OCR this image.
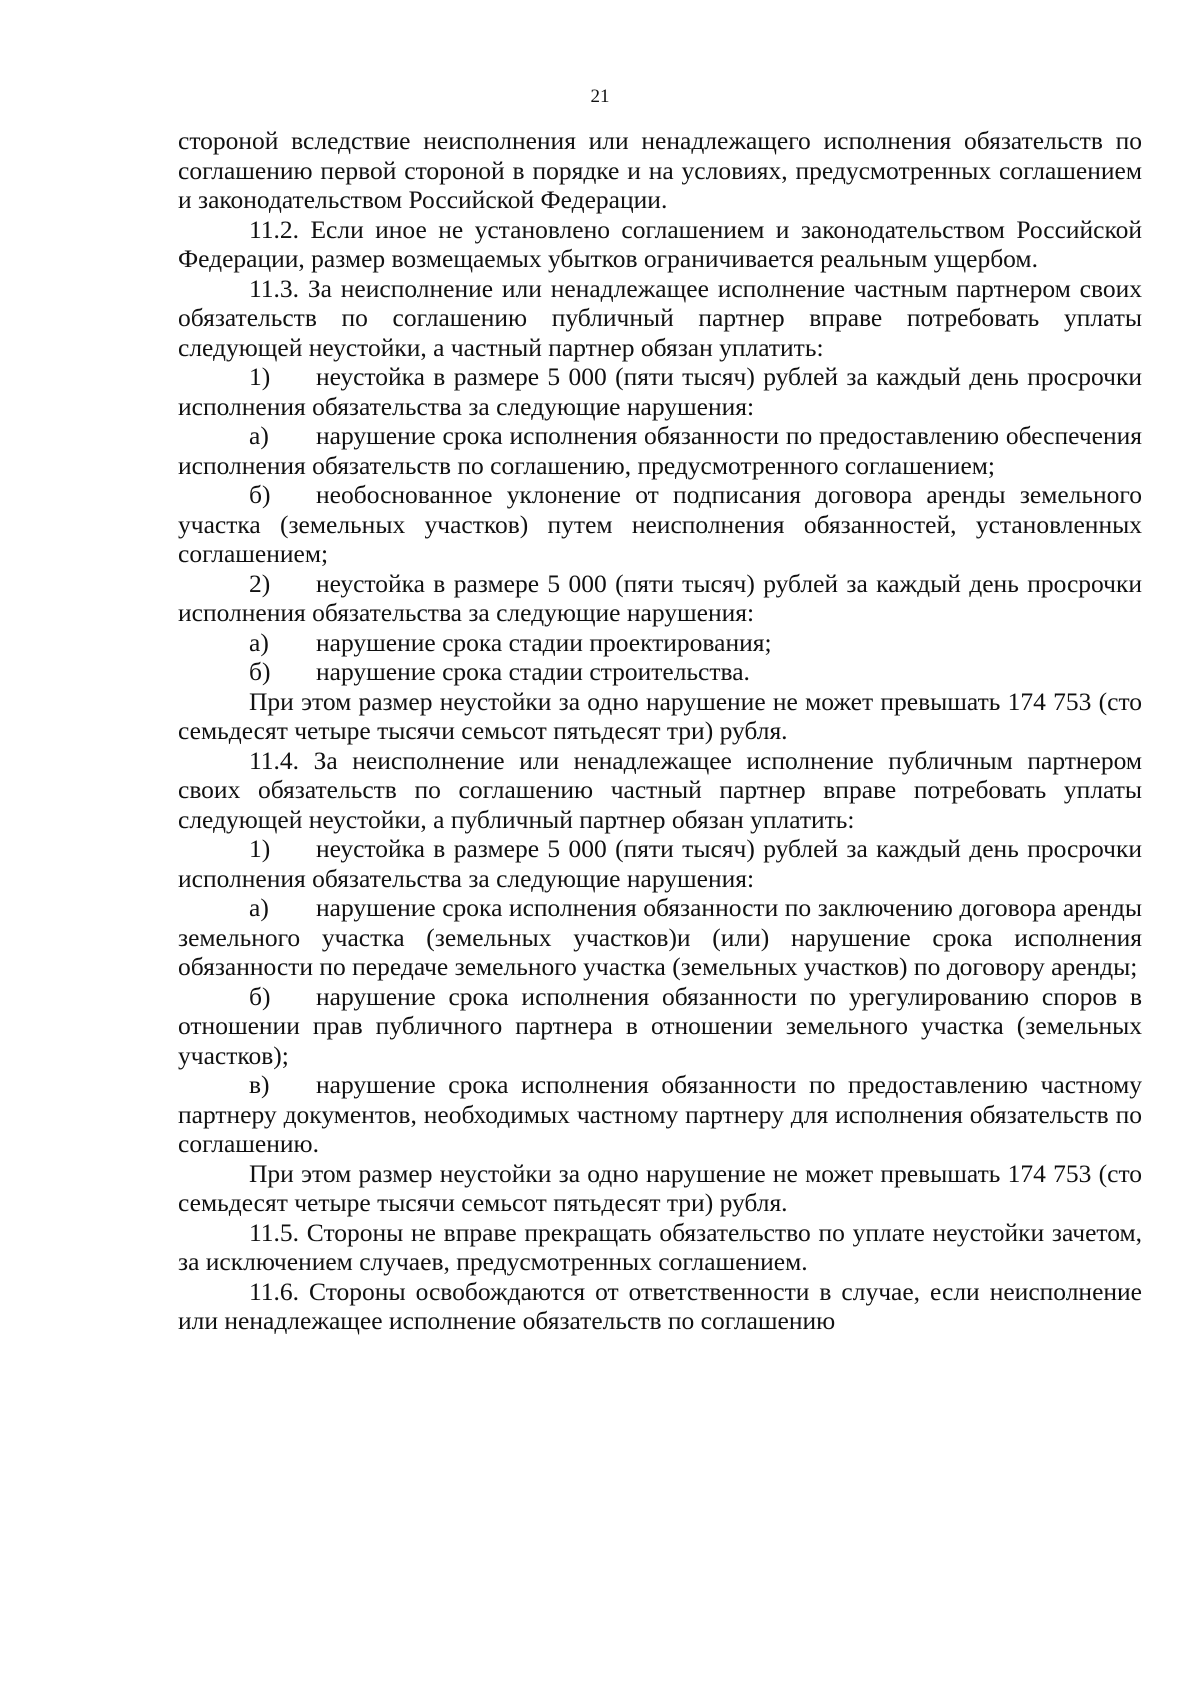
21

стороной вследствие неисполнения или ненадлежащего исполнения обязательств по соглашению первой стороной в порядке и на условиях, предусмотренных соглашением и законодательством Российской Федерации.

11.2. Если иное не установлено соглашением и законодательством Российской Федерации, размер возмещаемых убытков ограничивается реальным ущербом.

11.3. За неисполнение или ненадлежащее исполнение частным партнером своих обязательств по соглашению публичный партнер вправе потребовать уплаты следующей неустойки, а частный партнер обязан уплатить:

1) неустойка в размере 5 000 (пяти тысяч) рублей за каждый день просрочки исполнения обязательства за следующие нарушения:

а) нарушение срока исполнения обязанности по предоставлению обеспечения исполнения обязательств по соглашению, предусмотренного соглашением;

б) необоснованное уклонение от подписания договора аренды земельного участка (земельных участков) путем неисполнения обязанностей, установленных соглашением;

2) неустойка в размере 5 000 (пяти тысяч) рублей за каждый день просрочки исполнения обязательства за следующие нарушения:

а) нарушение срока стадии проектирования;

б) нарушение срока стадии строительства.

При этом размер неустойки за одно нарушение не может превышать 174 753 (сто семьдесят четыре тысячи семьсот пятьдесят три) рубля.

11.4. За неисполнение или ненадлежащее исполнение публичным партнером своих обязательств по соглашению частный партнер вправе потребовать уплаты следующей неустойки, а публичный партнер обязан уплатить:

1) неустойка в размере 5 000 (пяти тысяч) рублей за каждый день просрочки исполнения обязательства за следующие нарушения:

а) нарушение срока исполнения обязанности по заключению договора аренды земельного участка (земельных участков)и (или) нарушение срока исполнения обязанности по передаче земельного участка (земельных участков) по договору аренды;

б) нарушение срока исполнения обязанности по урегулированию споров в отношении прав публичного партнера в отношении земельного участка (земельных участков);

в) нарушение срока исполнения обязанности по предоставлению частному партнеру документов, необходимых частному партнеру для исполнения обязательств по соглашению.

При этом размер неустойки за одно нарушение не может превышать 174 753 (сто семьдесят четыре тысячи семьсот пятьдесят три) рубля.

11.5. Стороны не вправе прекращать обязательство по уплате неустойки зачетом, за исключением случаев, предусмотренных соглашением.

11.6. Стороны освобождаются от ответственности в случае, если неисполнение или ненадлежащее исполнение обязательств по соглашению
